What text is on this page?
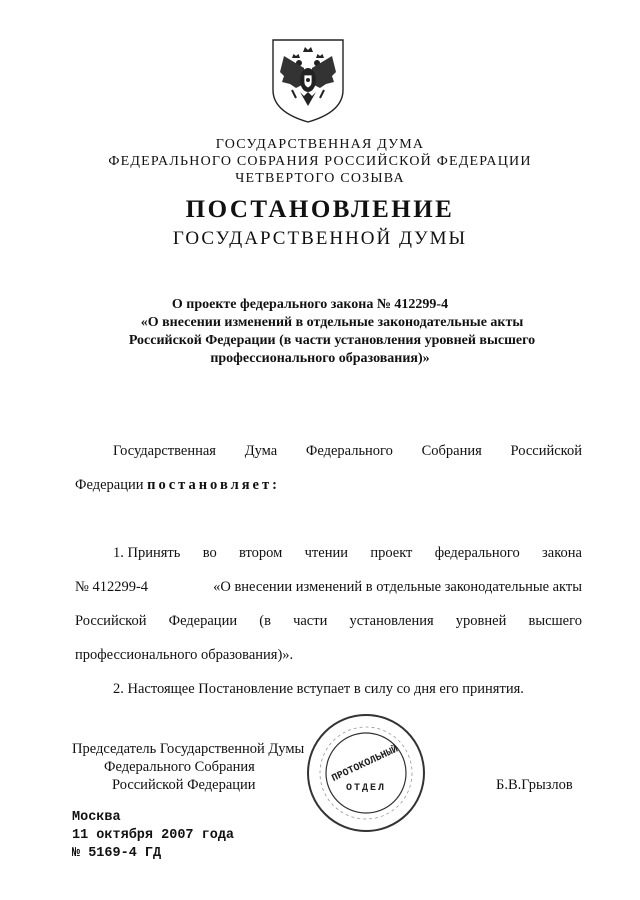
ГОСУДАРСТВЕННАЯ ДУМА
ФЕДЕРАЛЬНОГО СОБРАНИЯ РОССИЙСКОЙ ФЕДЕРАЦИИ
ЧЕТВЕРТОГО СОЗЫВА
ПОСТАНОВЛЕНИЕ
ГОСУДАРСТВЕННОЙ ДУМЫ
О проекте федерального закона № 412299-4
«О внесении изменений в отдельные законодательные акты
Российской Федерации (в части установления уровней высшего
профессионального образования)»
Государственная Дума Федерального Собрания Российской
Федерации постановляет:
1. Принять во втором чтении проект федерального закона
№ 412299-4	«О внесении изменений в отдельные законодательные акты
Российской Федерации (в части установления уровней высшего
профессионального образования)».
2. Настоящее Постановление вступает в силу со дня его принятия.
Председатель Государственной Думы
Федерального Собрания
Российской Федерации	Б.В.Грызлов
ПРОТОКОЛЬНЫЙ
ОТДЕЛ
Москва
11 октября 2007 года
№ 5169-4 ГД
